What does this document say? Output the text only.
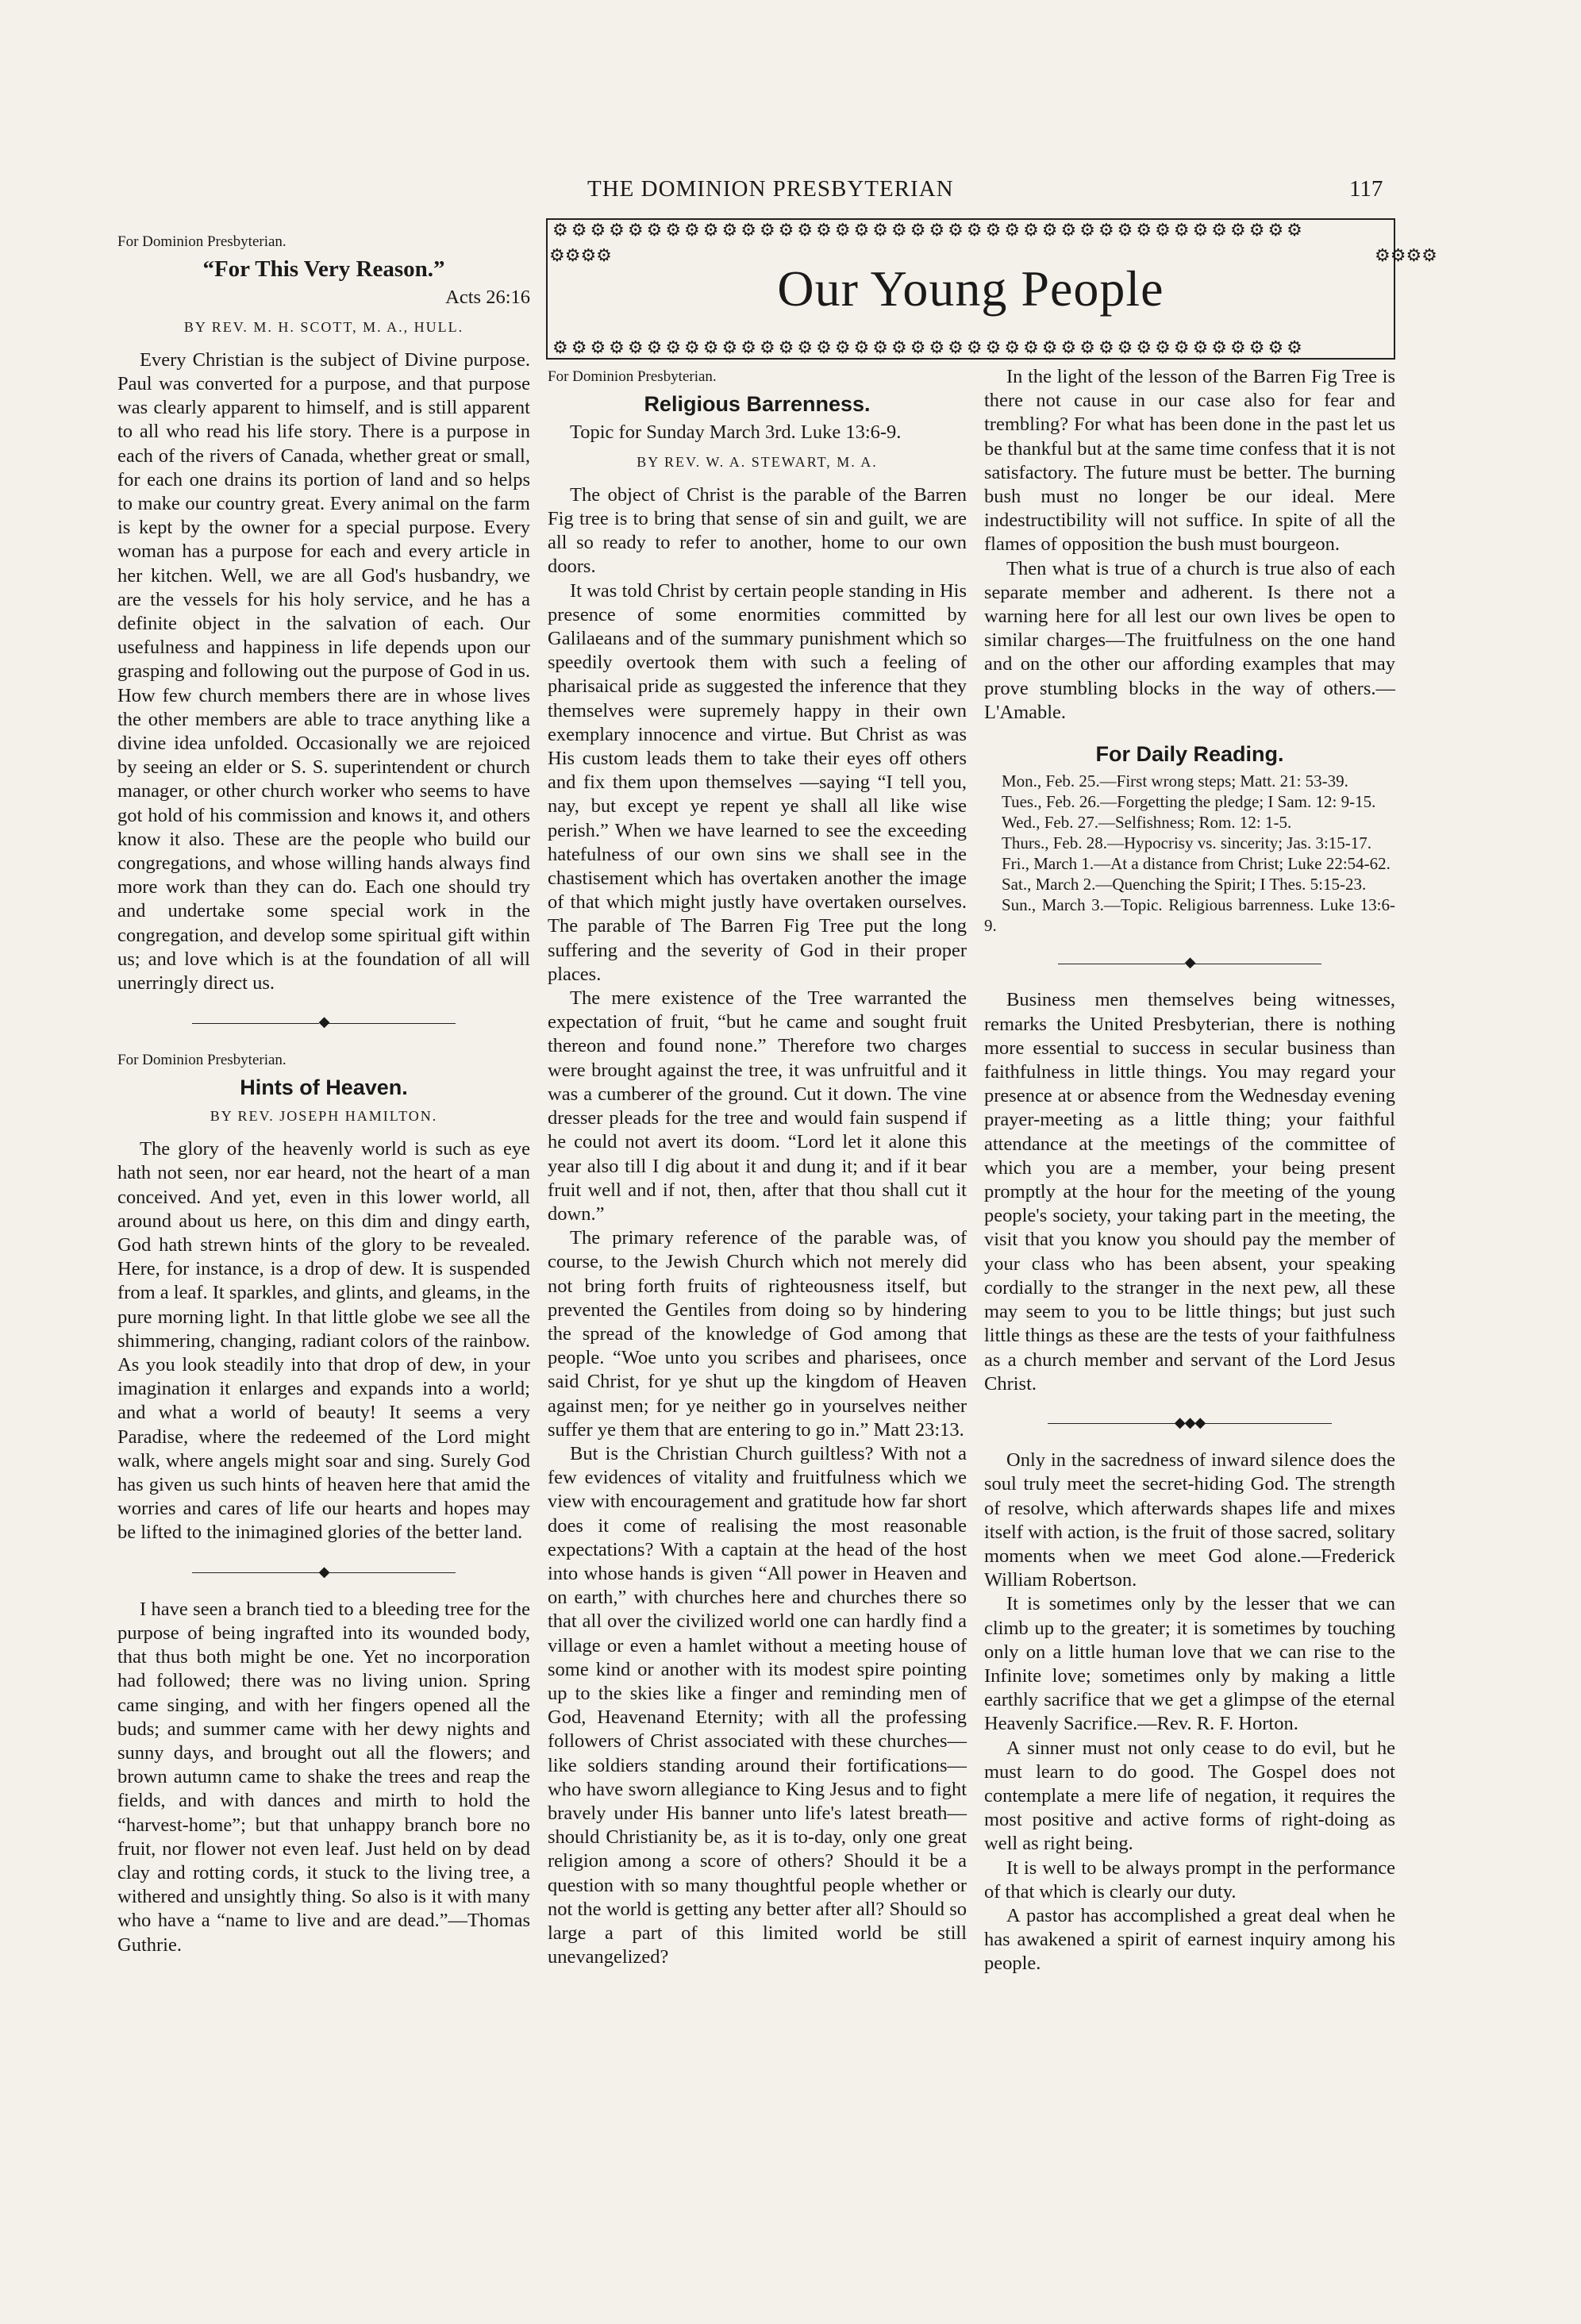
THE DOMINION PRESBYTERIAN	117
⚙⚙⚙⚙⚙⚙⚙⚙⚙⚙⚙⚙⚙⚙⚙⚙⚙⚙⚙⚙⚙⚙⚙⚙⚙⚙⚙⚙⚙⚙⚙⚙⚙⚙⚙⚙⚙⚙⚙⚙
⚙⚙⚙⚙
Our Young People
⚙⚙⚙⚙
⚙⚙⚙⚙⚙⚙⚙⚙⚙⚙⚙⚙⚙⚙⚙⚙⚙⚙⚙⚙⚙⚙⚙⚙⚙⚙⚙⚙⚙⚙⚙⚙⚙⚙⚙⚙⚙⚙⚙⚙

For Dominion Presbyterian.

“For This Very Reason.”

Acts 26:16

BY REV. M. H. SCOTT, M. A., HULL.

Every Christian is the subject of Divine purpose. Paul was converted for a purpose, and that purpose was clearly apparent to himself, and is still apparent to all who read his life story. There is a purpose in each of the rivers of Canada, whether great or small, for each one drains its portion of land and so helps to make our country great. Every animal on the farm is kept by the owner for a special purpose. Every woman has a purpose for each and every article in her kitchen. Well, we are all God's husbandry, we are the vessels for his holy service, and he has a definite object in the salvation of each. Our usefulness and happiness in life depends upon our grasping and following out the purpose of God in us. How few church members there are in whose lives the other members are able to trace anything like a divine idea unfolded. Occasionally we are rejoiced by seeing an elder or S. S. superintendent or church manager, or other church worker who seems to have got hold of his commission and knows it, and others know it also. These are the people who build our congregations, and whose willing hands always find more work than they can do. Each one should try and undertake some special work in the congregation, and develop some spiritual gift within us; and love which is at the foundation of all will unerringly direct us.

◆

For Dominion Presbyterian.

Hints of Heaven.
BY REV. JOSEPH HAMILTON.

The glory of the heavenly world is such as eye hath not seen, nor ear heard, not the heart of a man conceived. And yet, even in this lower world, all around about us here, on this dim and dingy earth, God hath strewn hints of the glory to be revealed. Here, for instance, is a drop of dew. It is suspended from a leaf. It sparkles, and glints, and gleams, in the pure morning light. In that little globe we see all the shimmering, changing, radiant colors of the rainbow. As you look steadily into that drop of dew, in your imagination it enlarges and expands into a world; and what a world of beauty! It seems a very Paradise, where the redeemed of the Lord might walk, where angels might soar and sing. Surely God has given us such hints of heaven here that amid the worries and cares of life our hearts and hopes may be lifted to the inimagined glories of the better land.

◆

I have seen a branch tied to a bleeding tree for the purpose of being ingrafted into its wounded body, that thus both might be one. Yet no incorporation had followed; there was no living union. Spring came singing, and with her fingers opened all the buds; and summer came with her dewy nights and sunny days, and brought out all the flowers; and brown autumn came to shake the trees and reap the fields, and with dances and mirth to hold the “harvest-home”; but that unhappy branch bore no fruit, nor flower not even leaf. Just held on by dead clay and rotting cords, it stuck to the living tree, a withered and unsightly thing. So also is it with many who have a “name to live and are dead.”—Thomas Guthrie.

For Dominion Presbyterian.

Religious Barrenness.

Topic for Sunday March 3rd. Luke 13:6-9.

BY REV. W. A. STEWART, M. A.

The object of Christ is the parable of the Barren Fig tree is to bring that sense of sin and guilt, we are all so ready to refer to another, home to our own doors.

It was told Christ by certain people standing in His presence of some enormities committed by Galilaeans and of the summary punishment which so speedily overtook them with such a feeling of pharisaical pride as suggested the inference that they themselves were supremely happy in their own exemplary innocence and virtue. But Christ as was His custom leads them to take their eyes off others and fix them upon themselves —saying “I tell you, nay, but except ye repent ye shall all like wise perish.” When we have learned to see the exceeding hatefulness of our own sins we shall see in the chastisement which has overtaken another the image of that which might justly have overtaken ourselves. The parable of The Barren Fig Tree put the long suffering and the severity of God in their proper places.

The mere existence of the Tree warranted the expectation of fruit, “but he came and sought fruit thereon and found none.” Therefore two charges were brought against the tree, it was unfruitful and it was a cumberer of the ground. Cut it down. The vine dresser pleads for the tree and would fain suspend if he could not avert its doom. “Lord let it alone this year also till I dig about it and dung it; and if it bear fruit well and if not, then, after that thou shall cut it down.”

The primary reference of the parable was, of course, to the Jewish Church which not merely did not bring forth fruits of righteousness itself, but prevented the Gentiles from doing so by hindering the spread of the knowledge of God among that people. “Woe unto you scribes and pharisees, once said Christ, for ye shut up the kingdom of Heaven against men; for ye neither go in yourselves neither suffer ye them that are entering to go in.” Matt 23:13.

But is the Christian Church guiltless? With not a few evidences of vitality and fruitfulness which we view with encouragement and gratitude how far short does it come of realising the most reasonable expectations? With a captain at the head of the host into whose hands is given “All power in Heaven and on earth,” with churches here and churches there so that all over the civilized world one can hardly find a village or even a hamlet without a meeting house of some kind or another with its modest spire pointing up to the skies like a finger and reminding men of God, Heavenand Eternity; with all the professing followers of Christ associated with these churches—like soldiers standing around their fortifications—who have sworn allegiance to King Jesus and to fight bravely under His banner unto life's latest breath—should Christianity be, as it is to-day, only one great religion among a score of others? Should it be a question with so many thoughtful people whether or not the world is getting any better after all? Should so large a part of this limited world be still unevangelized?

In the light of the lesson of the Barren Fig Tree is there not cause in our case also for fear and trembling? For what has been done in the past let us be thankful but at the same time confess that it is not satisfactory. The future must be better. The burning bush must no longer be our ideal. Mere indestructibility will not suffice. In spite of all the flames of opposition the bush must bourgeon.

Then what is true of a church is true also of each separate member and adherent. Is there not a warning here for all lest our own lives be open to similar charges—The fruitfulness on the one hand and on the other our affording examples that may prove stumbling blocks in the way of others.—L'Amable.

For Daily Reading.

Mon., Feb. 25.—First wrong steps; Matt. 21: 53-39.

Tues., Feb. 26.—Forgetting the pledge; I Sam. 12: 9-15.

Wed., Feb. 27.—Selfishness; Rom. 12: 1-5.

Thurs., Feb. 28.—Hypocrisy vs. sincerity; Jas. 3:15-17.

Fri., March 1.—At a distance from Christ; Luke 22:54-62.

Sat., March 2.—Quenching the Spirit; I Thes. 5:15-23.

Sun., March 3.—Topic. Religious barrenness. Luke 13:6-9.

◆

Business men themselves being witnesses, remarks the United Presbyterian, there is nothing more essential to success in secular business than faithfulness in little things. You may regard your presence at or absence from the Wednesday evening prayer-meeting as a little thing; your faithful attendance at the meetings of the committee of which you are a member, your being present promptly at the hour for the meeting of the young people's society, your taking part in the meeting, the visit that you know you should pay the member of your class who has been absent, your speaking cordially to the stranger in the next pew, all these may seem to you to be little things; but just such little things as these are the tests of your faithfulness as a church member and servant of the Lord Jesus Christ.

◆◆◆

Only in the sacredness of inward silence does the soul truly meet the secret-hiding God. The strength of resolve, which afterwards shapes life and mixes itself with action, is the fruit of those sacred, solitary moments when we meet God alone.—Frederick William Robertson.

It is sometimes only by the lesser that we can climb up to the greater; it is sometimes by touching only on a little human love that we can rise to the Infinite love; sometimes only by making a little earthly sacrifice that we get a glimpse of the eternal Heavenly Sacrifice.—Rev. R. F. Horton.

A sinner must not only cease to do evil, but he must learn to do good. The Gospel does not contemplate a mere life of negation, it requires the most positive and active forms of right-doing as well as right being.

It is well to be always prompt in the performance of that which is clearly our duty.

A pastor has accomplished a great deal when he has awakened a spirit of earnest inquiry among his people.
